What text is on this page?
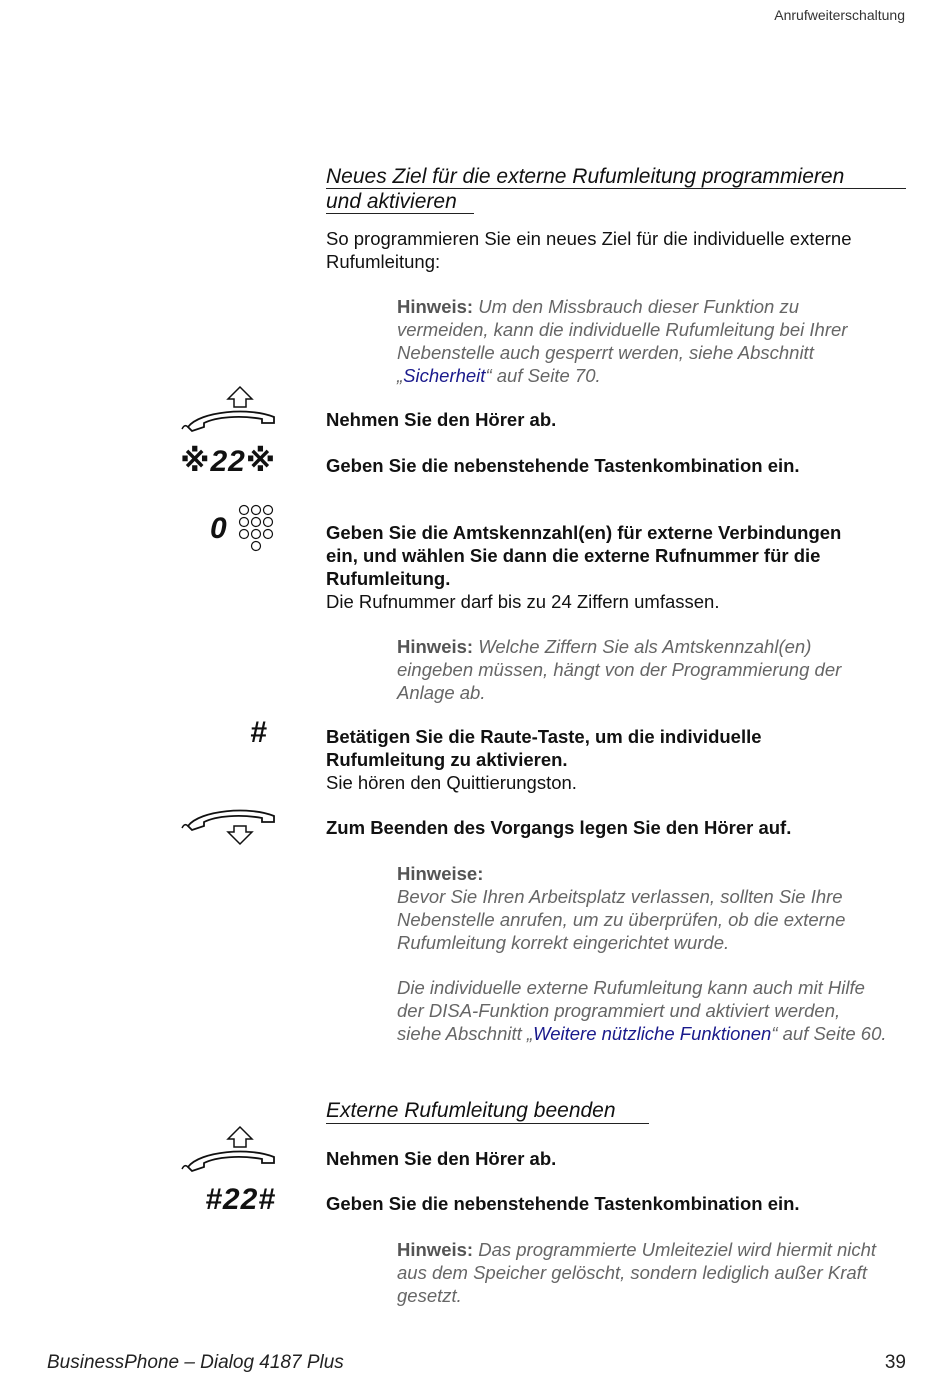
Anrufweiterschaltung
Neues Ziel für die externe Rufumleitung programmieren
und aktivieren
So programmieren Sie ein neues Ziel für die individuelle externe
Rufumleitung:
Hinweis: Um den Missbrauch dieser Funktion zu
vermeiden, kann die individuelle Rufumleitung bei Ihrer
Nebenstelle auch gesperrt werden, siehe Abschnitt
„Sicherheit“ auf Seite 70.
Nehmen Sie den Hörer ab.
※22※	Geben Sie die nebenstehende Tastenkombination ein.
0	Geben Sie die Amtskennzahl(en) für externe Verbindungen
ein, und wählen Sie dann die externe Rufnummer für die
Rufumleitung.
Die Rufnummer darf bis zu 24 Ziffern umfassen.
Hinweis: Welche Ziffern Sie als Amtskennzahl(en)
eingeben müssen, hängt von der Programmierung der
Anlage ab.
#	Betätigen Sie die Raute-Taste, um die individuelle
Rufumleitung zu aktivieren.
Sie hören den Quittierungston.
Zum Beenden des Vorgangs legen Sie den Hörer auf.
Hinweise:
Bevor Sie Ihren Arbeitsplatz verlassen, sollten Sie Ihre
Nebenstelle anrufen, um zu überprüfen, ob die externe
Rufumleitung korrekt eingerichtet wurde.
Die individuelle externe Rufumleitung kann auch mit Hilfe
der DISA-Funktion programmiert und aktiviert werden,
siehe Abschnitt „Weitere nützliche Funktionen“ auf Seite 60.
Externe Rufumleitung beenden
Nehmen Sie den Hörer ab.
#22#	Geben Sie die nebenstehende Tastenkombination ein.
Hinweis: Das programmierte Umleiteziel wird hiermit nicht
aus dem Speicher gelöscht, sondern lediglich außer Kraft
gesetzt.
BusinessPhone – Dialog 4187 Plus	39
